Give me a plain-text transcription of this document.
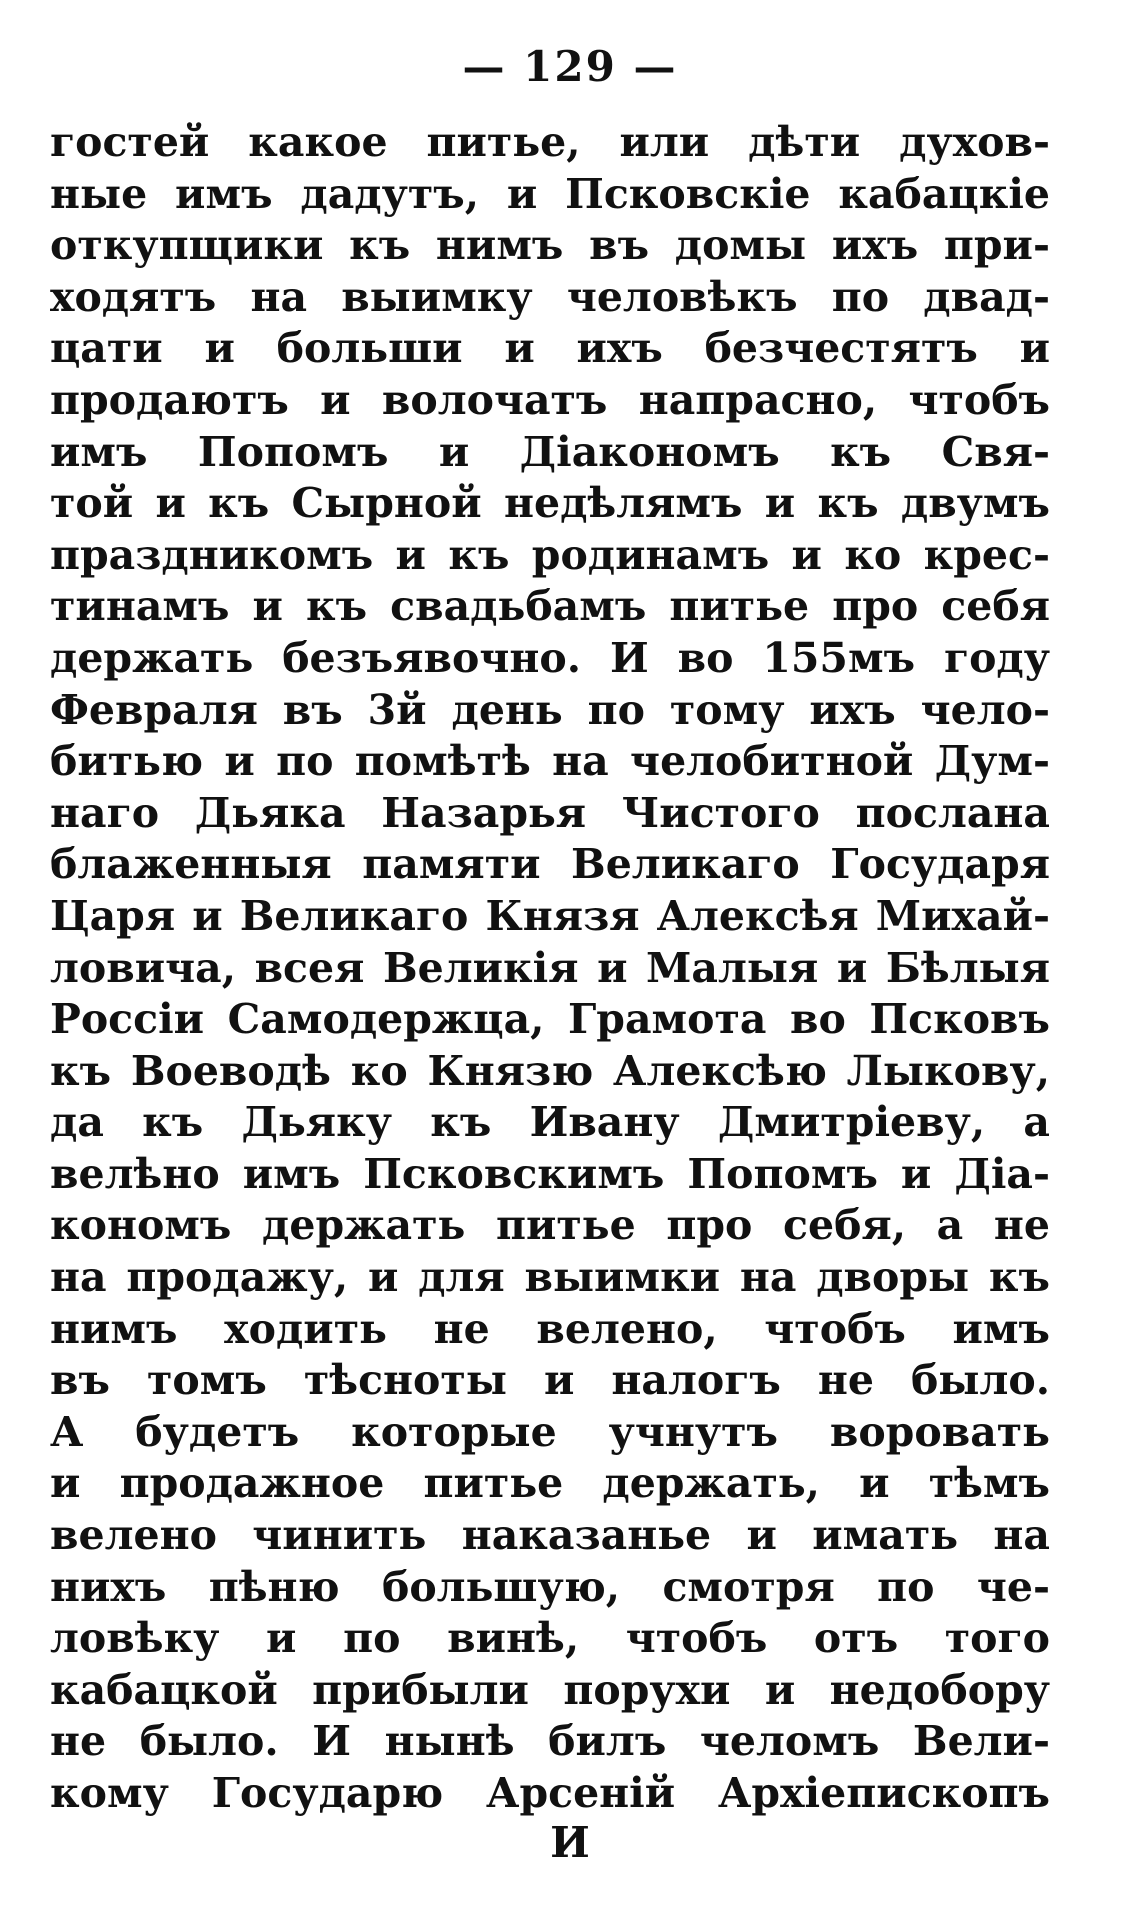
— 129 —
гостей какое питье, или дѣти духов-
ные имъ дадутъ, и Псковскіе кабацкіе
откупщики къ нимъ въ домы ихъ при-
ходятъ на выимку человѣкъ по двад-
цати и больши и ихъ безчестятъ и
продаютъ и волочатъ напрасно, чтобъ
имъ Попомъ и Діакономъ къ Свя-
той и къ Сырной недѣлямъ и къ двумъ
праздникомъ и къ родинамъ и ко крес-
тинамъ и къ свадьбамъ питье про себя
держать безъявочно. И во 155мъ году
Февраля въ 3й день по тому ихъ чело-
битью и по помѣтѣ на челобитной Дум-
наго Дьяка Назарья Чистого послана
блаженныя памяти Великаго Государя
Царя и Великаго Князя Алексѣя Михай-
ловича, всея Великія и Малыя и Бѣлыя
Россіи Самодержца, Грамота во Псковъ
къ Воеводѣ ко Князю Алексѣю Лыкову,
да къ Дьяку къ Ивану Дмитріеву, а
велѣно имъ Псковскимъ Попомъ и Діа-
кономъ держать питье про себя, а не
на продажу, и для выимки на дворы къ
нимъ ходить не велено, чтобъ имъ
въ томъ тѣсноты и налогъ не было.
А будетъ которые учнутъ воровать
и продажное питье держать, и тѣмъ
велено чинить наказанье и имать на
нихъ пѣню большую, смотря по че-
ловѣку и по винѣ, чтобъ отъ того
кабацкой прибыли порухи и недобору
не было. И нынѣ билъ челомъ Вели-
кому Государю Арсеній Архіепископъ
И
